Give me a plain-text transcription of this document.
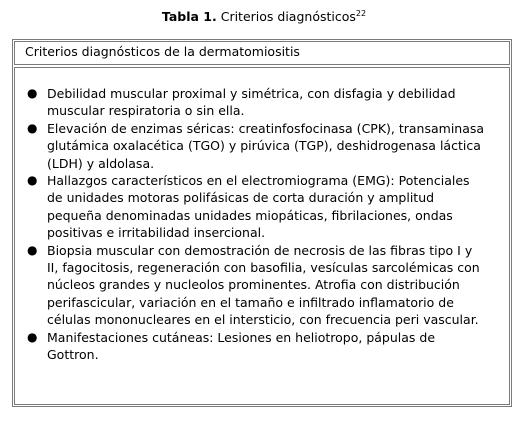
Tabla 1. Criterios diagnósticos$^{22}$
Criterios diagnósticos de la dermatomiositis
● Debilidad muscular proximal y simétrica, con disfagia y debilidad muscular respiratoria o sin ella.
● Elevación de enzimas séricas: creatinfosfocinasa (CPK), transaminasa glutámica oxalacética (TGO) y pirúvica (TGP), deshidrogenasa láctica (LDH) y aldolasa.
● Hallazgos característicos en el electromiograma (EMG): Potenciales de unidades motoras polifásicas de corta duración y amplitud pequeña denominadas unidades miopáticas, fibrilaciones, ondas positivas e irritabilidad insercional.
● Biopsia muscular con demostración de necrosis de las fibras tipo I y II, fagocitosis, regeneración con basofilia, vesículas sarcolémicas con núcleos grandes y nucleolos prominentes. Atrofia con distribución perifascicular, variación en el tamaño e infiltrado inflamatorio de células mononucleares en el intersticio, con frecuencia peri vascular.
● Manifestaciones cutáneas: Lesiones en heliotropo, pápulas de Gottron.
